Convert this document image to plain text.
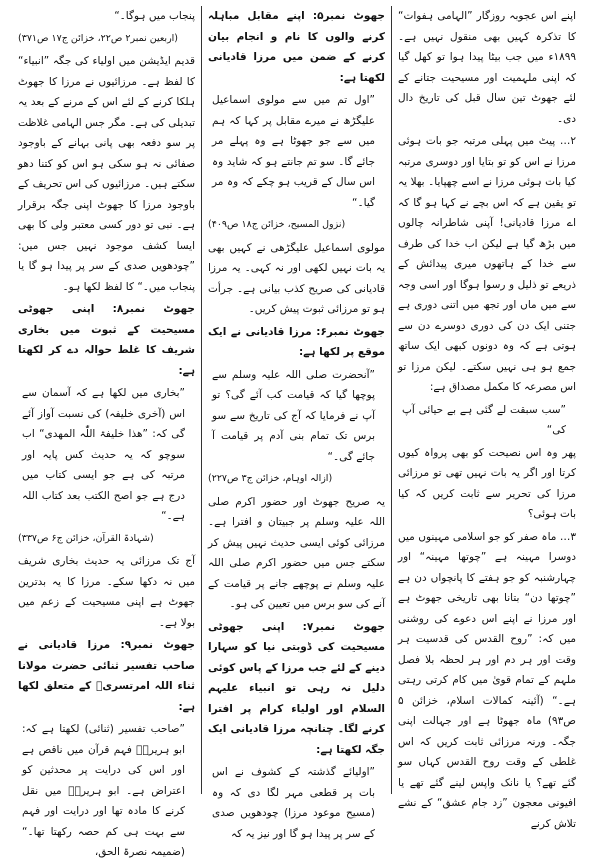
اپنے اس عجوبہ روزگار ”الہامی ہفوات“ کا تذکرہ کہیں بھی منقول نہیں ہے۔ ۱۸۹۹ء میں جب بیٹا پیدا ہوا تو کھل گیا کہ اپنی ملہمیت اور مسیحیت جتانے کے لئے جھوٹ تین سال قبل کی تاریخ دال دی۔

۲… پیٹ میں پہلی مرتبہ جو بات ہوئی مرزا نے اس کو تو بتایا اور دوسری مرتبہ کیا بات ہوئی مرزا نے اسے چھپایا۔ بھلا یہ تو یقین ہے کہ اس بچے نے کہا ہو گا کہ اے مرزا قادیانی! آپنی شاطرانہ چالوں میں بڑھ گیا ہے لیکن اب خدا کی طرف سے خدا کے ہاتھوں میری پیدائش کے ذریعے تو ذلیل و رسوا ہوگا اور اسی وجہ سے میں ماں اور تجھ میں اتنی دوری ہے جتنی ایک دن کی دوری دوسرے دن سے ہوتی ہے کہ وہ دونوں کبھی ایک ساتھ جمع ہو ہی نہیں سکتے۔ لیکن مرزا تو اس مصرعہ کا مکمل مصداق ہے:

”سب سبقت لے گئی ہے بے حیائی آپ کی“

پھر وہ اس نصیحت کو بھی پرواہ کیوں کرتا اور اگر یہ بات نہیں تھی تو مرزائی مرزا کی تحریر سے ثابت کریں کہ کیا بات ہوئی؟

۳… ماہ صفر کو جو اسلامی مہینوں میں دوسرا مہینہ ہے ”چوتھا مہینہ“ اور چہارشنبہ کو جو ہفتے کا پانچواں دن ہے ”چوتھا دن“ بتانا بھی تاریخی جھوٹ ہے اور مرزا نے اپنے اس دعوے کی روشنی میں کہ: ”روح القدس کی قدسیت ہر وقت اور ہر دم اور ہر لحظہ بلا فصل ملہم کے تمام قویٰ میں کام کرتی رہتی ہے۔“ (آئینہ کمالات اسلام، خزائن ۵ ص۹۳) ماہ جھوٹا ہے اور جہالت اپنی جگہ۔ ورنہ مرزائی ثابت کریں کہ اس غلطی کے وقت روح القدس کہاں سو گئے تھے؟ یا نانک واپس لینے گئے تھے یا افیونی معجون ”زد جام عشق“ کے نشے تلاش کرنے

جھوٹ نمبر۵: اپنے مقابل مباہلہ کرنے والوں کا نام و انجام بیان کرنے کے ضمن میں مرزا قادیانی لکھتا ہے:

”اول تم میں سے مولوی اسماعیل علیگڑھ نے میرے مقابل پر کہا کہ ہم میں سے جو جھوٹا ہے وہ پہلے مر جائے گا۔ سو تم جانتے ہو کہ شاید وہ اس سال کے قریب ہو چکے کہ وہ مر گیا۔“

(نزول المسیح، خزائن ج۱۸ ص۴۰۹)

مولوی اسماعیل علیگڑھی نے کہیں بھی یہ بات نہیں لکھی اور نہ کہی۔ یہ مرزا قادیانی کی صریح کذب بیانی ہے۔ جرأت ہو تو مرزائی ثبوت پیش کریں۔

جھوٹ نمبر۶: مرزا قادیانی نے ایک موقع پر لکھا ہے:

”آنحضرت صلی اللہ علیہ وسلم سے پوچھا گیا کہ قیامت کب آئے گی؟ تو آپ نے فرمایا کہ آج کی تاریخ سے سو برس تک تمام بنی آدم پر قیامت آ جائے گی۔“

(ازالہ اوہام، خزائن ج۳ ص۲۲۷)

یہ صریح جھوٹ اور حضور اکرم صلی اللہ علیہ وسلم پر جبیتان و افترا ہے۔ مرزائی کوئی ایسی حدیث نہیں پیش کر سکتے جس میں حضور اکرم صلی اللہ علیہ وسلم نے پوچھے جانے پر قیامت کے آنے کی سو برس میں تعیین کی ہو۔

جھوٹ نمبر۷: اپنی جھوٹی مسیحیت کی ڈوبتی نیا کو سہارا دینے کے لئے جب مرزا کے پاس کوئی دلیل نہ رہی تو انبیاء علیہم السلام اور اولیاء کرام پر افترا کرنے لگا۔ چنانچہ مرزا قادیانی ایک جگہ لکھتا ہے:

”اولیائے گذشتہ کے کشوف نے اس بات پر قطعی مہر لگا دی کہ وہ (مسیح موعود مرزا) چودھویں صدی کے سر پر پیدا ہو گا اور نیز یہ کہ

پنجاب میں ہوگا۔“

(اربعین نمبر۲ ص۲۲، خزائن ج۱۷ ص۳۷۱)

قدیم ایڈیشن میں اولیاء کی جگہ ”انبیاء“ کا لفظ ہے۔ مرزائیوں نے مرزا کا جھوٹ ہلکا کرنے کے لئے اس کے مرنے کے بعد یہ تبدیلی کی ہے۔ مگر جس الہامی غلاظت پر سو دفعہ بھی پانی بہانے کے باوجود صفائی نہ ہو سکی ہو اس کو کتنا دھو سکتے ہیں۔ مرزائیوں کی اس تحریف کے باوجود مرزا کا جھوٹ اپنی جگہ برقرار ہے۔ نبی تو دور کسی معتبر ولی کا بھی ایسا کشف موجود نہیں جس میں: ”چودھویں صدی کے سر پر پیدا ہو گا یا پنجاب میں۔“ کا لفظ لکھا ہو۔

جھوٹ نمبر۸: اپنی جھوٹی مسیحیت کے ثبوت میں بخاری شریف کا غلط حوالہ دے کر لکھتا ہے:

”بخاری میں لکھا ہے کہ آسمان سے اس (آخری خلیفہ) کی نسبت آواز آئے گی کہ: ”ھذا خلیفۃ اللّٰہ المھدی“ اب سوچو کہ یہ حدیث کس پایہ اور مرتبہ کی ہے جو ایسی کتاب میں درج ہے جو اصح الکتب بعد کتاب اللہ ہے۔“

(شہادۃ القرآن، خزائن ج۶ ص۳۳۷)

آج تک مرزائی یہ حدیث بخاری شریف میں نہ دکھا سکے۔ مرزا کا یہ بدترین جھوٹ ہے اپنی مسیحیت کے زعم میں بولا ہے۔

جھوٹ نمبر۹: مرزا قادیانی نے صاحب تفسیر ثنائی حضرت مولانا ثناء اللہ امرتسریؒ کے متعلق لکھا ہے:

”صاحب تفسیر (ثنائی) لکھتا ہے کہ: ابو ہریرہؓ فہم قرآن میں ناقص ہے اور اس کی درایت پر محدثین کو اعتراض ہے۔ ابو ہریرہؓ میں نقل کرنے کا مادہ تھا اور درایت اور فہم سے بہت ہی کم حصہ رکھتا تھا۔“ (ضمیمہ نصرۃ الحق،
